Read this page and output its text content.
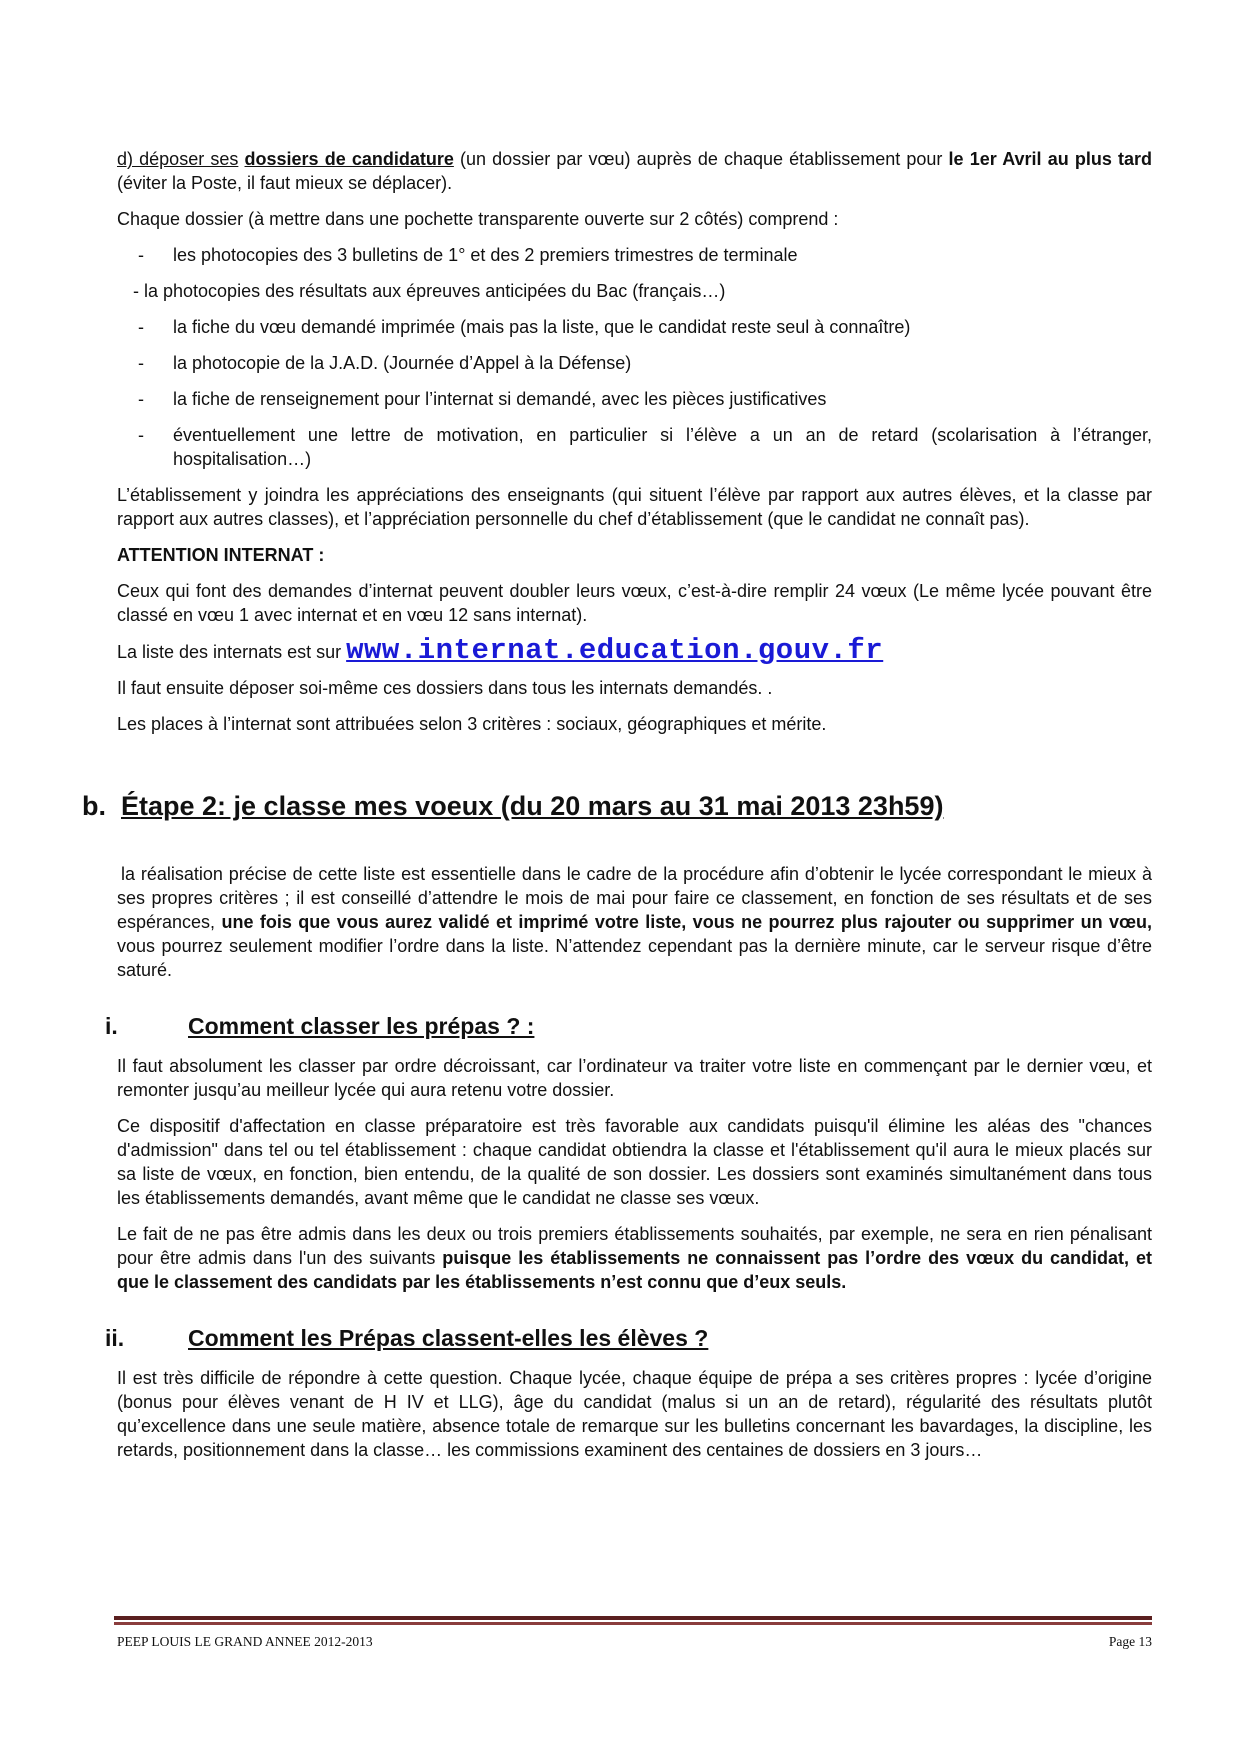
d) déposer ses dossiers de candidature (un dossier par vœu) auprès de chaque établissement pour le 1er Avril au plus tard (éviter la Poste, il faut mieux se déplacer).

Chaque dossier (à mettre dans une pochette transparente ouverte sur 2 côtés) comprend :

- les photocopies des 3 bulletins de 1° et des 2 premiers trimestres de terminale
- la photocopies des résultats aux épreuves anticipées du Bac (français…)
- la fiche du vœu demandé imprimée (mais pas la liste, que le candidat reste seul à connaître)
- la photocopie de la J.A.D. (Journée d’Appel à la Défense)
- la fiche de renseignement pour l’internat si demandé, avec les pièces justificatives
- éventuellement une lettre de motivation, en particulier si l’élève a un an de retard (scolarisation à l’étranger, hospitalisation…)

L’établissement y joindra les appréciations des enseignants (qui situent l’élève par rapport aux autres élèves, et la classe par rapport aux autres classes), et l’appréciation personnelle du chef d’établissement (que le candidat ne connaît pas).

ATTENTION INTERNAT :

Ceux qui font des demandes d’internat peuvent doubler leurs vœux, c’est-à-dire remplir 24 vœux (Le même lycée pouvant être classé en vœu 1 avec internat et en vœu 12 sans internat).

La liste des internats est sur www.internat.education.gouv.fr

Il faut ensuite déposer soi-même ces dossiers dans tous les internats demandés. .

Les places à l’internat sont attribuées selon 3 critères : sociaux, géographiques et mérite.

b. Étape 2: je classe mes voeux (du 20 mars au 31 mai 2013 23h59)

la réalisation précise de cette liste est essentielle dans le cadre de la procédure afin d’obtenir le lycée correspondant le mieux à ses propres critères ; il est conseillé d’attendre le mois de mai pour faire ce classement, en fonction de ses résultats et de ses espérances, une fois que vous aurez validé et imprimé votre liste, vous ne pourrez plus rajouter ou supprimer un vœu, vous pourrez seulement modifier l’ordre dans la liste. N’attendez cependant pas la dernière minute, car le serveur risque d’être saturé.

i.	Comment classer les prépas ? :

Il faut absolument les classer par ordre décroissant, car l’ordinateur va traiter votre liste en commençant par le dernier vœu, et remonter jusqu’au meilleur lycée qui aura retenu votre dossier.

Ce dispositif d'affectation en classe préparatoire est très favorable aux candidats puisqu'il élimine les aléas des "chances d'admission" dans tel ou tel établissement : chaque candidat obtiendra la classe et l'établissement qu'il aura le mieux placés sur sa liste de vœux, en fonction, bien entendu, de la qualité de son dossier. Les dossiers sont examinés simultanément dans tous les établissements demandés, avant même que le candidat ne classe ses vœux.

Le fait de ne pas être admis dans les deux ou trois premiers établissements souhaités, par exemple, ne sera en rien pénalisant pour être admis dans l'un des suivants puisque les établissements ne connaissent pas l’ordre des vœux du candidat, et que le classement des candidats par les établissements n’est connu que d’eux seuls.

ii.	Comment les Prépas classent-elles les élèves ?

Il est très difficile de répondre à cette question. Chaque lycée, chaque équipe de prépa a ses critères propres : lycée d’origine (bonus pour élèves venant de H IV et LLG), âge du candidat (malus si un an de retard), régularité des résultats plutôt qu’excellence dans une seule matière, absence totale de remarque sur les bulletins concernant les bavardages, la discipline, les retards, positionnement dans la classe… les commissions examinent des centaines de dossiers en 3 jours…

PEEP LOUIS LE GRAND ANNEE 2012-2013	Page 13
